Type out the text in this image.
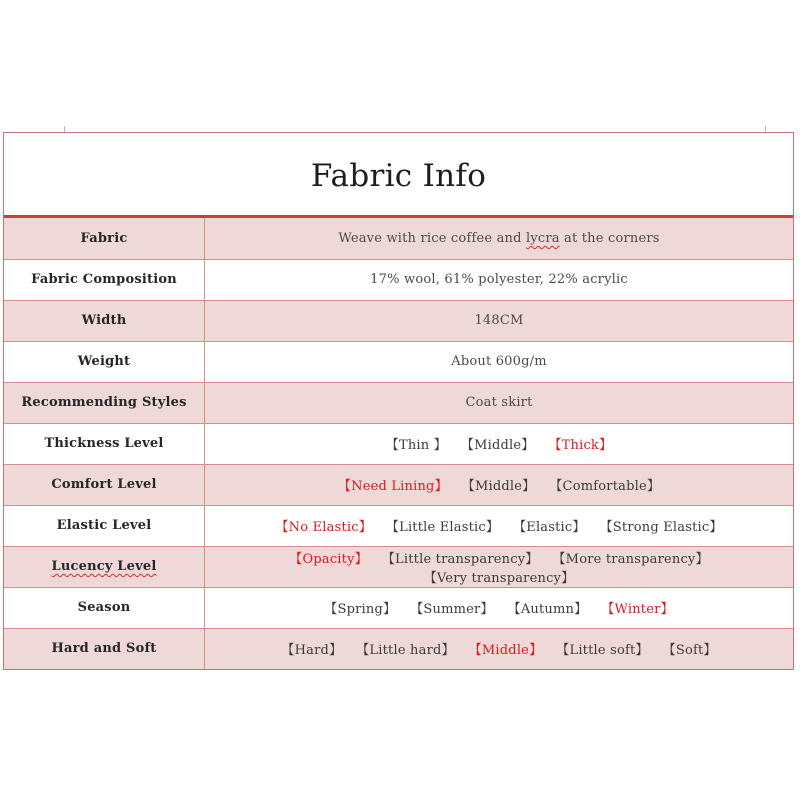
Fabric Info
Fabric	Weave with rice coffee and lycra at the corners
Fabric Composition	17% wool, 61% polyester, 22% acrylic
Width	148CM
Weight	About 600g/m
Recommending Styles	Coat skirt
Thickness Level	【Thin 】 【Middle】 【Thick】
Comfort Level	【Need Lining】 【Middle】 【Comfortable】
Elastic Level	【No Elastic】 【Little Elastic】 【Elastic】 【Strong Elastic】
Lucency Level	【Opacity】 【Little transparency】 【More transparency】【Very transparency】
Season	【Spring】 【Summer】 【Autumn】 【Winter】
Hard and Soft	【Hard】 【Little hard】 【Middle】 【Little soft】 【Soft】
